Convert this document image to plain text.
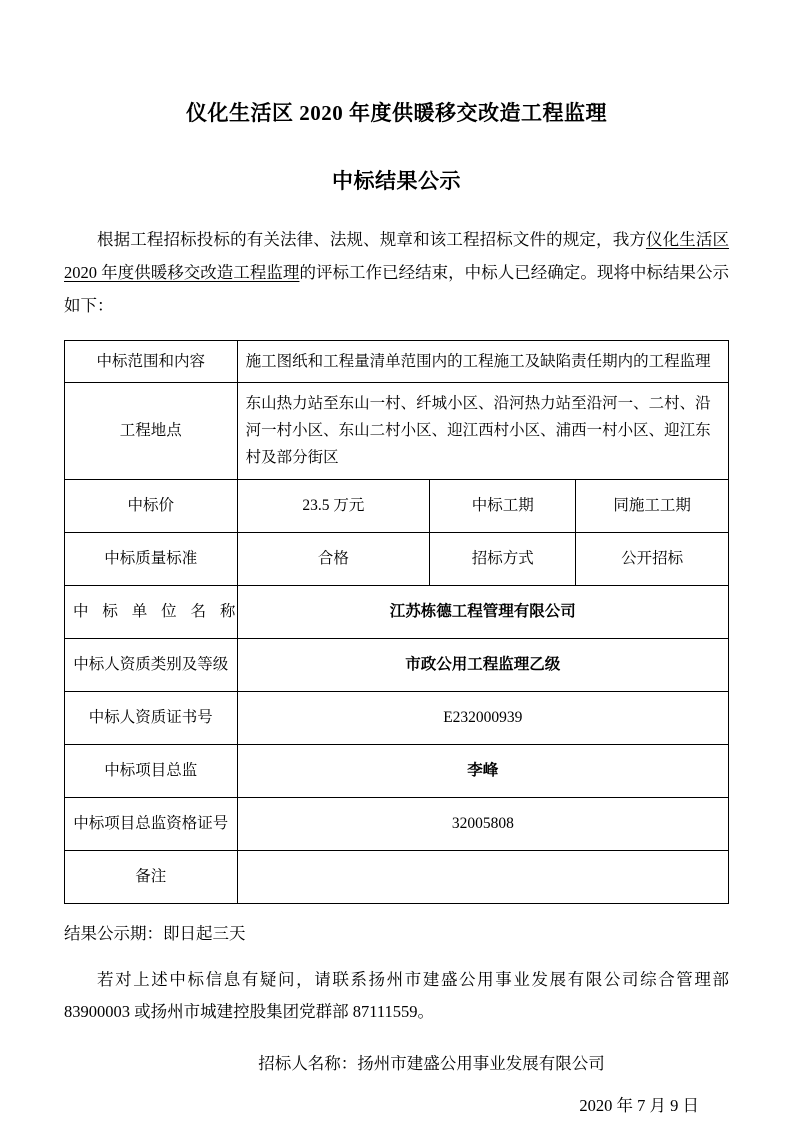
仪化生活区 2020 年度供暖移交改造工程监理
中标结果公示
根据工程招标投标的有关法律、法规、规章和该工程招标文件的规定，我方仪化生活区 2020 年度供暖移交改造工程监理的评标工作已经结束，中标人已经确定。现将中标结果公示如下：
中标范围和内容	施工图纸和工程量清单范围内的工程施工及缺陷责任期内的工程监理		
工程地点	东山热力站至东山一村、纤城小区、沿河热力站至沿河一、二村、沿河一村小区、东山二村小区、迎江西村小区、浦西一村小区、迎江东村及部分街区		
中标价	23.5 万元	中标工期	同施工工期
中标质量标准	合格	招标方式	公开招标
中 标 单 位 名 称	江苏栋德工程管理有限公司		
中标人资质类别及等级	市政公用工程监理乙级		
中标人资质证书号	E232000939		
中标项目总监	李峰		
中标项目总监资格证号	32005808		
备注			
结果公示期：即日起三天
若对上述中标信息有疑问，请联系扬州市建盛公用事业发展有限公司综合管理部 83900003 或扬州市城建控股集团党群部 87111559。
招标人名称：扬州市建盛公用事业发展有限公司
2020 年 7 月 9 日
